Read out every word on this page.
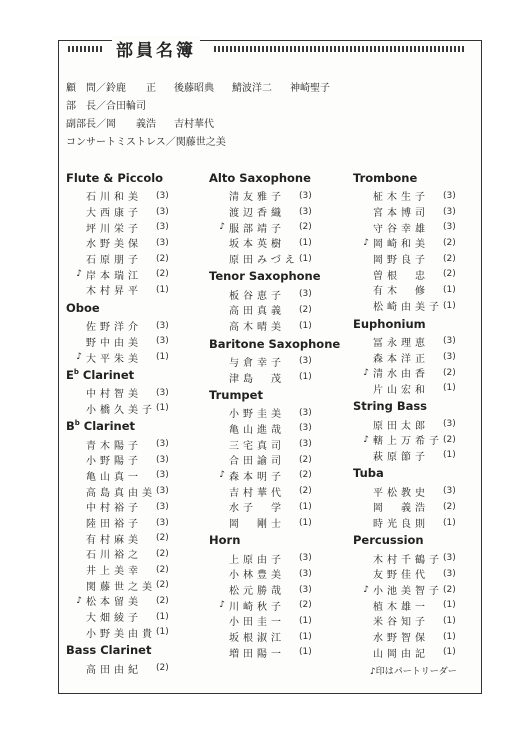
部員名簿
顧　問／鈴鹿　　正 後藤昭典 鯖波洋二 神崎聖子
部　長／合田輪司
副部長／岡　　義浩 吉村華代
コンサートミストレス／関藤世之美
Flute & Piccolo
石川和美	(3)
大西康子	(3)
坪川栄子	(3)
水野美保	(3)
石原朋子	(2)
♪ 岸本瑞江	(2)
木村昇平	(1)
Oboe
佐野洋介	(3)
野中由美	(3)
♪ 大平朱美	(1)
$E^b$ Clarinet
中村智美	(3)
小橋久美子 (1)
$B^b$ Clarinet
青木陽子	(3)
小野陽子	(3)
亀山真一	(3)
高島真由美 (3)
中村裕子	(3)
陸田裕子	(3)
有村麻美	(2)
石川裕之	(2)
井上美幸	(2)
関藤世之美 (2)
♪ 松本留美	(2)
大畑綾子	(1)
小野美由貴 (1)
Bass Clarinet
高田由紀	(2)
Alto Saxophone
清友雅子	(3)
渡辺香織	(3)
♪ 服部靖子	(2)
坂本英樹	(1)
原田みづえ (1)
Tenor Saxophone
板谷恵子	(3)
高田真義	(2)
高木晴美	(1)
Baritone Saxophone
与倉幸子	(3)
津島　茂	(1)
Trumpet
小野圭美	(3)
亀山進哉	(3)
三宅真司	(3)
合田諭司	(2)
♪ 森本明子	(2)
吉村華代	(2)
水子　学	(1)
岡　剛士	(1)
Horn
上原由子	(3)
小林豊美	(3)
松元勝哉	(3)
♪ 川崎秋子	(2)
小田圭一	(1)
坂根淑江	(1)
増田陽一	(1)
Trombone
柾木生子	(3)
宮本博司	(3)
守谷幸雄	(3)
♪ 岡崎和美	(2)
岡野良子	(2)
曽根　忠	(2)
有木　修	(1)
松崎由美子 (1)
Euphonium
冨永理恵	(3)
森本洋正	(3)
♪ 清水由香	(2)
片山宏和	(1)
String Bass
原田太郎	(3)
♪ 轄上万希子 (2)
萩原節子	(1)
Tuba
平松教史	(3)
岡　義浩	(2)
時光良則	(1)
Percussion
木村千鶴子 (3)
友野佳代	(3)
♪ 小池美智子 (2)
植木雄一	(1)
米谷知子	(1)
水野智保	(1)
山岡由記	(1)
♪印はパートリーダー
